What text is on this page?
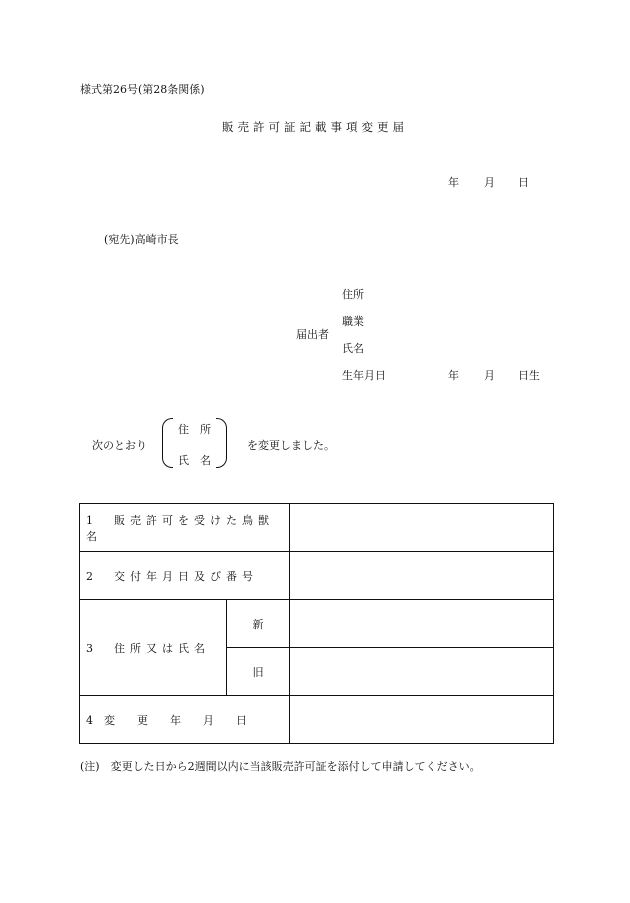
様式第26号(第28条関係)
販売許可証記載事項変更届
年 月 日
(宛先)高崎市長
届出者
住所
職業
氏名
生年月日	年 月 日生
次のとおり
住　所
氏　名
を変更しました。
1　販売許可を受けた鳥獣名		
2　交付年月日及び番号		
3　住所又は氏名	新	
	旧	
4　変　　更　　年　　月　　日		
(注)　変更した日から2週間以内に当該販売許可証を添付して申請してください。
